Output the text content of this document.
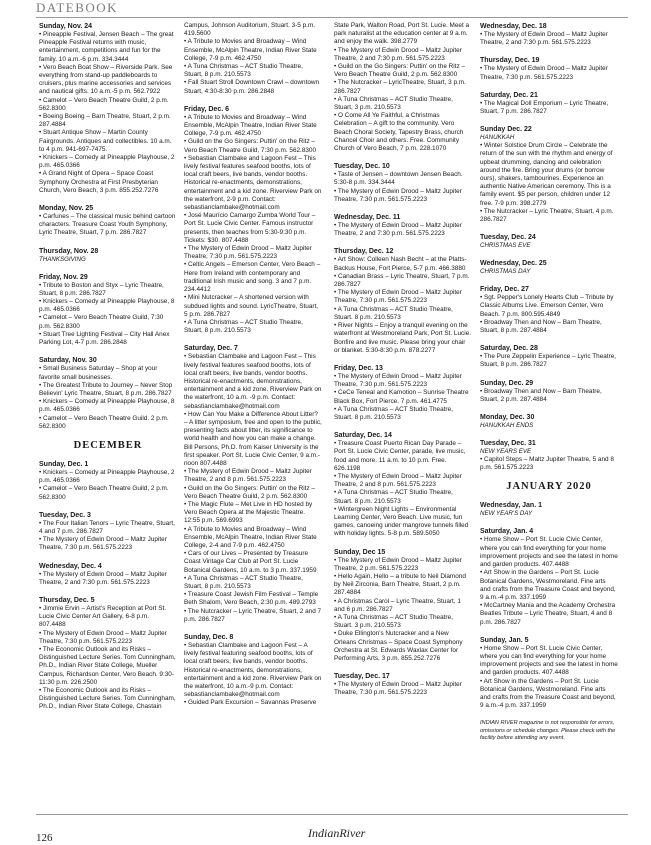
DATEBOOK
Sunday, Nov. 24
• Pineapple Festival, Jensen Beach – The great Pineapple Festival returns with music, entertainment, competitions and fun for the family. 10 a.m.-6 p.m. 334.3444
• Vero Beach Boat Show – Riverside Park. See everything from stand-up paddleboards to cruisers, plus marine accessories and services and nautical gifts. 10 a.m.-5 p.m. 562.7922
• Camelot – Vero Beach Theatre Guild, 2 p.m. 562.8300
• Boeing Boeing – Barn Theatre, Stuart, 2 p.m. 287.4884
• Stuart Antique Show – Martin County Fairgrounds. Antiques and collectibles. 10 a.m. to 4 p.m. 941-697-7475.
• Knickers – Comedy at Pineapple Playhouse, 2 p.m. 465.0366
• A Grand Night of Opera – Space Coast Symphony Orchestra at First Presbyterian Church, Vero Beach, 3 p.m. 855.252.7276
Monday, Nov. 25
• Carfunes – The classical music behind cartoon characters. Treasure Coast Youth Symphony, Lyric Theatre, Stuart, 7 p.m. 286.7827
Thursday, Nov. 28
THANKSGIVING
Friday, Nov. 29
• Tribute to Boston and Styx – Lyric Theatre, Stuart, 8 p.m. 286.7827
• Knickers – Comedy at Pineapple Playhouse, 8 p.m. 465.0366
• Camelot – Vero Beach Theatre Guild, 7:30 p.m. 562.8300
• Stuart Tree Lighting Festival – City Hall Anex Parking Lot, 4-7 p.m. 286.2848
Saturday, Nov. 30
• Small Business Saturday – Shop at your favorite small businesses.
• The Greatest Tribute to Journey – Never Stop Believin' Lyric Theatre, Stuart, 8 p.m. 286.7827
• Knickers – Comedy at Pineapple Playhouse, 8 p.m. 465.0366
• Camelot – Vero Beach Theatre Guild. 2 p.m. 562.8300
DECEMBER
Sunday, Dec. 1
• Knickers – Comedy at Pineapple Playhouse, 2 p.m. 465.0366
• Camelot – Vero Beach Theatre Guild, 2 p.m. 562.8300
Tuesday, Dec. 3
• The Four Italian Tenors – Lyric Theatre, Stuart, 4 and 7 p.m. 286.7827
• The Mystery of Edwin Drood – Maltz Jupiter Theatre, 7:30 p.m. 561.575.2223
Wednesday, Dec. 4
• The Mystery of Edwin Drood – Maltz Jupiter Theatre, 2 and 7:30 p.m. 561.575.2223
Thursday, Dec. 5
• Jimmie Ervin – Artist's Reception at Port St. Lucie Civic Center Art Gallery, 6-8 p.m. 807.4488
• The Mystery of Edwin Drood – Maltz Jupiter Theatre, 7:30 p.m. 561.575.2223
• The Economic Outlook and its Risks – Distinguished Lecture Series. Tom Cunningham, Ph.D., Indian River State College, Mueller Campus, Richardson Center, Vero Beach. 9:30-11:30 p.m. 226.2500
• The Economic Outlook and its Risks – Distinguished Lecture Series. Tom Cunningham, Ph.D., Indian River State College, Chastain
Campus, Johnson Auditorium, Stuart. 3-5 p.m. 419.5600
• A Tribute to Movies and Broadway – Wind Ensemble, McAlpin Theatre, Indian River State College, 7-9 p.m. 462.4750
• A Tuna Christmas – ACT Studio Theatre, Stuart, 8 p.m. 210.5573
• Fall Stuart Stroll Downtown Crawl – downtown Stuart, 4:30-8:30 p.m. 286.2848
Friday, Dec. 6
• A Tribute to Movies and Broadway – Wind Ensemble, McAlpin Theatre, Indian River State College, 7-9 p.m. 462.4750
• Guild on the Go Singers: Puttin' on the Ritz – Vero Beach Theatre Guild, 7:30 p.m. 562.8300
• Sebastian Clambake and Lagoon Fest – This lively festival features seafood booths, lots of local craft beers, live bands, vendor booths. Historical re-enactments, demonstrations, entertainment and a kid zone. Riverview Park on the waterfront, 2-9 p.m. Contact: sebastianclambake@hotmail.com
• José Maurício Camargo Zumba World Tour – Port St. Lucie Civic Center. Famous instructor presents, then teaches from 5:30-9:30 p.m. Tickets: $30. 807.4488
• The Mystery of Edwin Drood – Maltz Jupiter Theatre, 7:30 p.m. 561.575.2223
• Celtic Angels – Emerson Center, Vero Beach – Here from Ireland with contemporary and traditional Irish music and song. 3 and 7 p.m. 234.4412
• Mini Nutcracker – A shortened version with subdued lights and sound. LyricTheatre, Stuart, 5 p.m. 286.7827
• A Tuna Christmas – ACT Studio Theatre, Stuart, 8 p.m. 210.5573
Saturday, Dec. 7
• Sebastian Clambake and Lagoon Fest – This lively festival features seafood booths, lots of local craft beers, live bands, vendor booths. Historical re-enactments, demonstrations, entertainment and a kid zone. Riverview Park on the waterfront, 10 a.m. -9 p.m. Contact: sebastianclambake@hotmail.com
• How Can You Make a Difference About Litter? – A litter symposium, free and open to the public, presenting facts about litter, its significance to world health and how you can make a change. Bill Persons, Ph.D. from Kaiser University is the first speaker. Port St. Lucie Civic Center, 9 a.m.-noon 807.4488
• The Mystery of Edwin Drood – Maltz Jupiter Theatre, 2 and 8 p.m. 561.575.2223
• Guild on the Go Singers: Puttin' on the Ritz – Vero Beach Theatre Guild, 2 p.m. 562.8300
• The Magic Flute – Met Live in HD hosted by Vero Beach Opera at the Majestic Theatre. 12:55 p.m. 569.6993
• A Tribute to Movies and Broadway – Wind Ensemble, McAlpin Theatre, Indian River State College, 2-4 and 7-9 p.m. 462.4750
• Cars of our Lives – Presented by Treasure Coast Vintage Car Club at Port St. Lucie Botanical Gardens, 10 a.m. to 3 p.m. 337.1959
• A Tuna Christmas – ACT Studio Theatre, Stuart, 8 p.m. 210.5573
• Treasure Coast Jewish Film Festival – Temple Beth Shalom, Vero Beach, 2:30 p.m. 489.2793
• The Nutcracker – Lyric Theatre, Stuart, 2 and 7 p.m. 286.7827
Sunday, Dec. 8
• Sebastian Clambake and Lagoon Fest – A lively festival featuring seafood booths, lots of local craft beers, live bands, vendor booths. Historical re-enactments, demonstrations, entertainment and a kid zone. Riverview Park on the waterfront, 10 a.m.-9 p.m. Contact: sebastianclambake@hotmail.com
• Guided Park Excursion – Savannas Preserve
State Park, Walton Road, Port St. Lucie. Meet a park naturalist at the education center at 9 a.m. and enjoy the walk. 398.2779
• The Mystery of Edwin Drood – Maltz Jupiter Theatre, 2 and 7:30 p.m. 561.575.2223
• Guild on the Go Singers: Puttin' on the Ritz – Vero Beach Theatre Guild, 2 p.m. 562.8300
• The Nutcracker – LyricTheatre, Stuart, 3 p.m. 286.7827
• A Tuna Christmas – ACT Studio Theatre, Stuart, 3 p.m. 210.5573
• O Come All Ye Faithful, a Christmas Celebration – A gift to the community. Vero Beach Choral Society, Tapestry Brass, church Chancel Choir and others. Free. Community Church of Vero Beach, 7 p.m. 228.1070
Tuesday, Dec. 10
• Taste of Jensen – downtown Jensen Beach. 5:30-8 p.m. 334.3444
• The Mystery of Edwin Drood – Maltz Jupiter Theatre, 7:30 p.m. 561.575.2223
Wednesday, Dec. 11
• The Mystery of Edwin Drood – Maltz Jupiter Theatre, 2 and 7:30 p.m. 561.575.2223
Thursday, Dec. 12
• Art Show: Colleen Nash Becht – at the Platts-Backus House, Fort Pierce, 5-7 p.m. 466.3880
• Canadian Brass – Lyric Theatre, Stuart, 7 p.m. 286.7827
• The Mystery of Edwin Drood – Maltz Jupiter Theatre, 7:30 p.m. 561.575.2223
• A Tuna Christmas – ACT Studio Theatre, Stuart. 8 p.m. 210.5573
• River Nights – Enjoy a tranquil evening on the waterfront at Westmoreland Park, Port St. Lucie. Bonfire and live music. Please bring your chair or blanket. 5:30-8:30 p.m. 878.2277
Friday, Dec. 13
• The Mystery of Edwin Drood – Maltz Jupiter Theatre, 7:30 p.m. 561.575.2223
• CeCe Teneal and Kamotion – Sunrise Theatre Black Box, Fort Pierce. 7 p.m. 461.4775
• A Tuna Christmas – ACT Studio Theatre, Stuart. 8 p.m. 210.5573
Saturday, Dec. 14
• Treasure Coast Puerto Rican Day Parade – Port St. Lucie Civic Center, parade, live music, food and more. 11 a.m. to 10 p.m. Free. 626.1198
• The Mystery of Edwin Drood – Maltz Jupiter Theatre, 2 and 8 p.m. 561.575.2223
• A Tuna Christmas – ACT Studio Theatre, Stuart. 8 p.m. 210.5573
• Wintergreen Night Lights – Environmental Learning Center, Vero Beach. Live music, fun games, canoeing under mangrove tunnels filled with holiday lights. 5-8 p.m. 589.5050
Sunday, Dec 15
• The Mystery of Edwin Drood – Maltz Jupiter Theatre, 2 p.m. 561.575.2223
• Hello Again, Hello – a tribute to Neil Diamond by Neil Zirconia, Barn Theatre, Stuart, 2 p.m. 287.4884
• A Christmas Carol – Lyric Theatre, Stuart, 1 and 6 p.m. 286.7827
• A Tuna Christmas – ACT Studio Theatre, Stuart. 3 p.m. 210.5573
• Duke Ellington's Nutcracker and a New Orleans Christmas – Space Coast Symphony Orchestra at St. Edwards Waxlax Center for Performing Arts, 3 p.m. 855.252.7276
Tuesday, Dec. 17
• The Mystery of Edwin Drood – Maltz Jupiter Theatre, 7:30 p.m. 561.575.2223
Wednesday, Dec. 18
• The Mystery of Edwin Drood – Maltz Jupiter Theatre, 2 and 7:30 p.m. 561.575.2223
Thursday, Dec. 19
• The Mystery of Edwin Drood – Maltz Jupiter Theatre, 7:30 p.m. 561.575.2223
Saturday, Dec. 21
• The Magical Doll Emporium – Lyric Theatre, Stuart, 7 p.m. 286.7827
Sunday Dec. 22
HANUKKAH
• Winter Solstice Drum Circle – Celebrate the return of the sun with the rhythm and energy of upbeat drumming, dancing and celebration around the fire. Bring your drums (or borrow ours), shakers, tambourines. Experience an authentic Native American ceremony. This is a family event. $5 per person, children under 12 free. 7-9 p.m. 398.2779
• The Nutcracker – Lyric Theatre, Stuart, 4 p.m. 286.7827
Tuesday, Dec. 24
CHRISTMAS EVE
Wednesday, Dec. 25
CHRISTMAS DAY
Friday, Dec. 27
• Sgt. Pepper's Lonely Hearts Club – Tribute by Classic Albums Live. Emerson Center, Vero Beach. 7 p.m. 800.595.4849
• Broadway Then and Now – Barn Theatre, Stuart, 8 p.m. 287.4884
Saturday, Dec. 28
• The Pure Zeppelin Experience – Lyric Theatre, Stuart, 8 p.m. 286.7827
Sunday, Dec. 29
• Broadway Then and Now – Barn Theatre, Stuart, 2 p.m. 287.4884
Monday, Dec. 30
HANUKKAH ENDS
Tuesday, Dec. 31
NEW YEARS EVE
• Capitol Steps – Maltz Jupiter Theatre, 5 and 8 p.m. 561.575.2223
JANUARY 2020
Wednesday, Jan. 1
NEW YEAR'S DAY
Saturday, Jan. 4
• Home Show – Port St. Lucie Civic Center, where you can find everything for your home improvement projects and see the latest in home and garden products. 407.4488
• Art Show in the Gardens – Port St. Lucie Botanical Gardens, Westmoreland. Fine arts and crafts from the Treasure Coast and beyond, 9 a.m.-4 p.m. 337.1959
• McCartney Mania and the Academy Orchestra Beatles Tribute – Lyric Theatre, Stuart, 4 and 8 p.m. 286.7827
Sunday, Jan. 5
• Home Show – Port St. Lucie Civic Center, where you can find everything for your home improvement projects and see the latest in home and garden products. 407.4488
• Art Show in the Gardens – Port St. Lucie Botanical Gardens, Westmoreland. Fine arts and crafts from the Treasure Coast and beyond, 9 a.m.-4 p.m. 337.1959
INDIAN RIVER magazine is not responsible for errors, omissions or schedule changes. Please check with the facility before attending any event.
126	IndianRiver
